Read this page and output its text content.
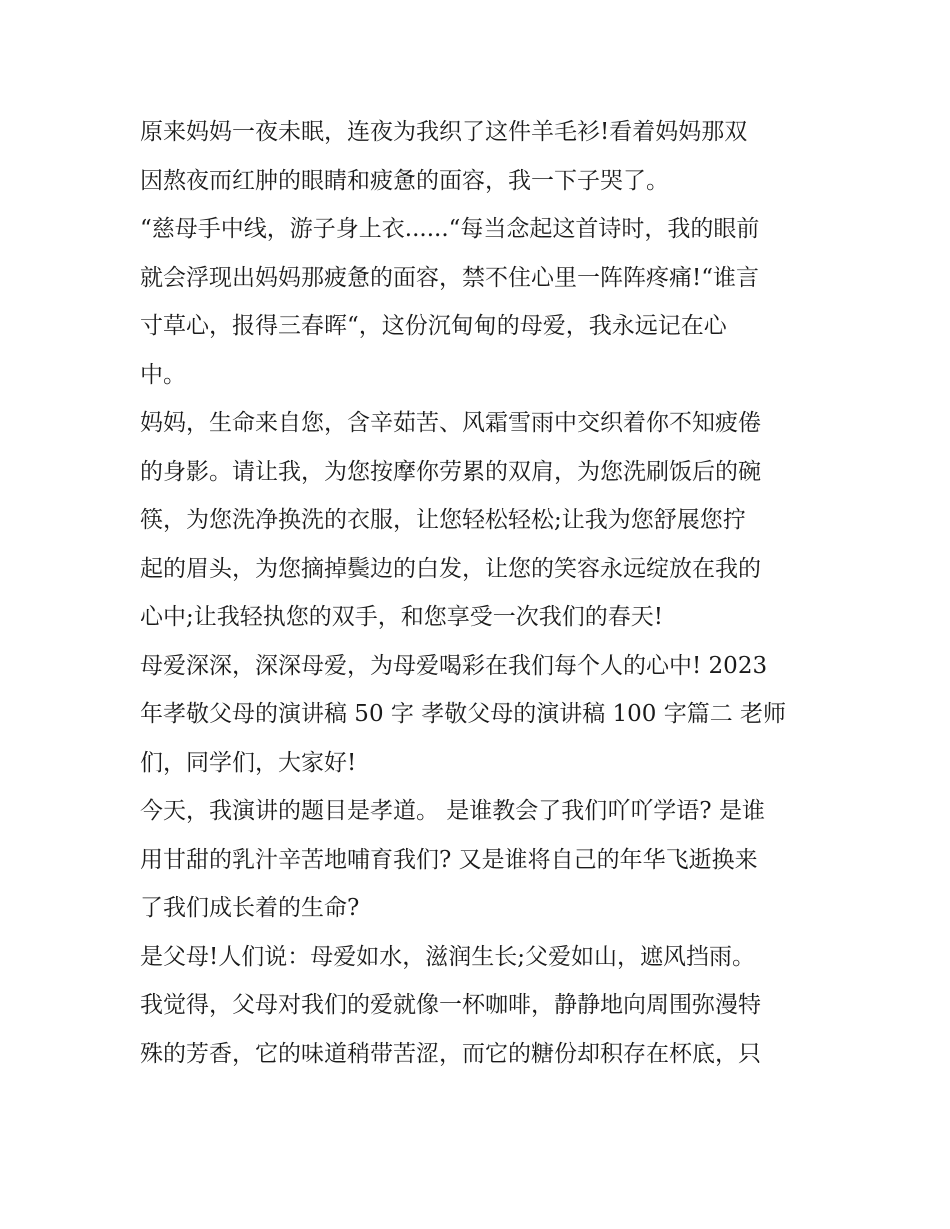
原来妈妈一夜未眠，连夜为我织了这件羊毛衫!看着妈妈那双
因熬夜而红肿的眼睛和疲惫的面容，我一下子哭了。
“慈母手中线，游子身上衣......“每当念起这首诗时，我的眼前
就会浮现出妈妈那疲惫的面容，禁不住心里一阵阵疼痛!“谁言
寸草心，报得三春晖“，这份沉甸甸的母爱，我永远记在心
中。
妈妈，生命来自您，含辛茹苦、风霜雪雨中交织着你不知疲倦
的身影。请让我，为您按摩你劳累的双肩，为您洗刷饭后的碗
筷，为您洗净换洗的衣服，让您轻松轻松;让我为您舒展您拧
起的眉头，为您摘掉鬓边的白发，让您的笑容永远绽放在我的
心中;让我轻执您的双手，和您享受一次我们的春天!
母爱深深，深深母爱，为母爱喝彩在我们每个人的心中! 2023
年孝敬父母的演讲稿 50 字 孝敬父母的演讲稿 100 字篇二 老师
们，同学们，大家好!
今天，我演讲的题目是孝道。 是谁教会了我们吖吖学语? 是谁
用甘甜的乳汁辛苦地哺育我们? 又是谁将自己的年华飞逝换来
了我们成长着的生命?
是父母!人们说：母爱如水，滋润生长;父爱如山，遮风挡雨。
我觉得，父母对我们的爱就像一杯咖啡，静静地向周围弥漫特
殊的芳香，它的味道稍带苦涩，而它的糖份却积存在杯底，只
